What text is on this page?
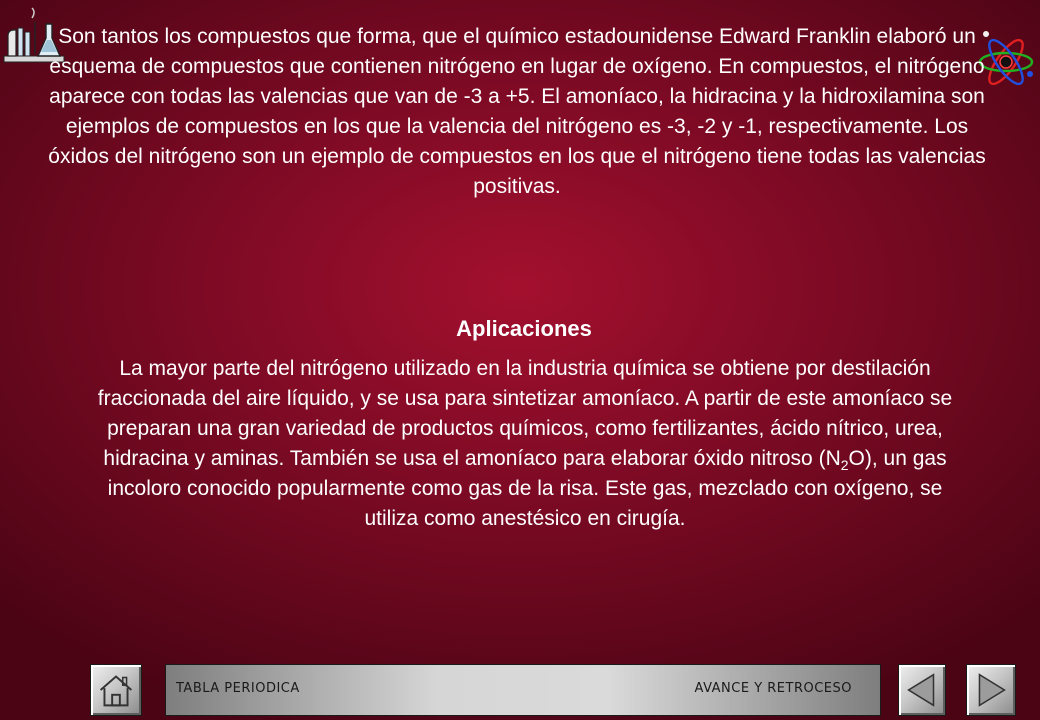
Son tantos los compuestos que forma, que el químico estadounidense Edward Franklin elaboró un esquema de compuestos que contienen nitrógeno en lugar de oxígeno. En compuestos, el nitrógeno aparece con todas las valencias que van de -3 a +5. El amoníaco, la hidracina y la hidroxilamina son ejemplos de compuestos en los que la valencia del nitrógeno es -3, -2 y -1, respectivamente. Los óxidos del nitrógeno son un ejemplo de compuestos en los que el nitrógeno tiene todas las valencias positivas.

Aplicaciones

La mayor parte del nitrógeno utilizado en la industria química se obtiene por destilación fraccionada del aire líquido, y se usa para sintetizar amoníaco. A partir de este amoníaco se preparan una gran variedad de productos químicos, como fertilizantes, ácido nítrico, urea, hidracina y aminas. También se usa el amoníaco para elaborar óxido nitroso $(N_2O)$, un gas incoloro conocido popularmente como gas de la risa. Este gas, mezclado con oxígeno, se utiliza como anestésico en cirugía.

TABLA PERIODICA	AVANCE Y RETROCESO
